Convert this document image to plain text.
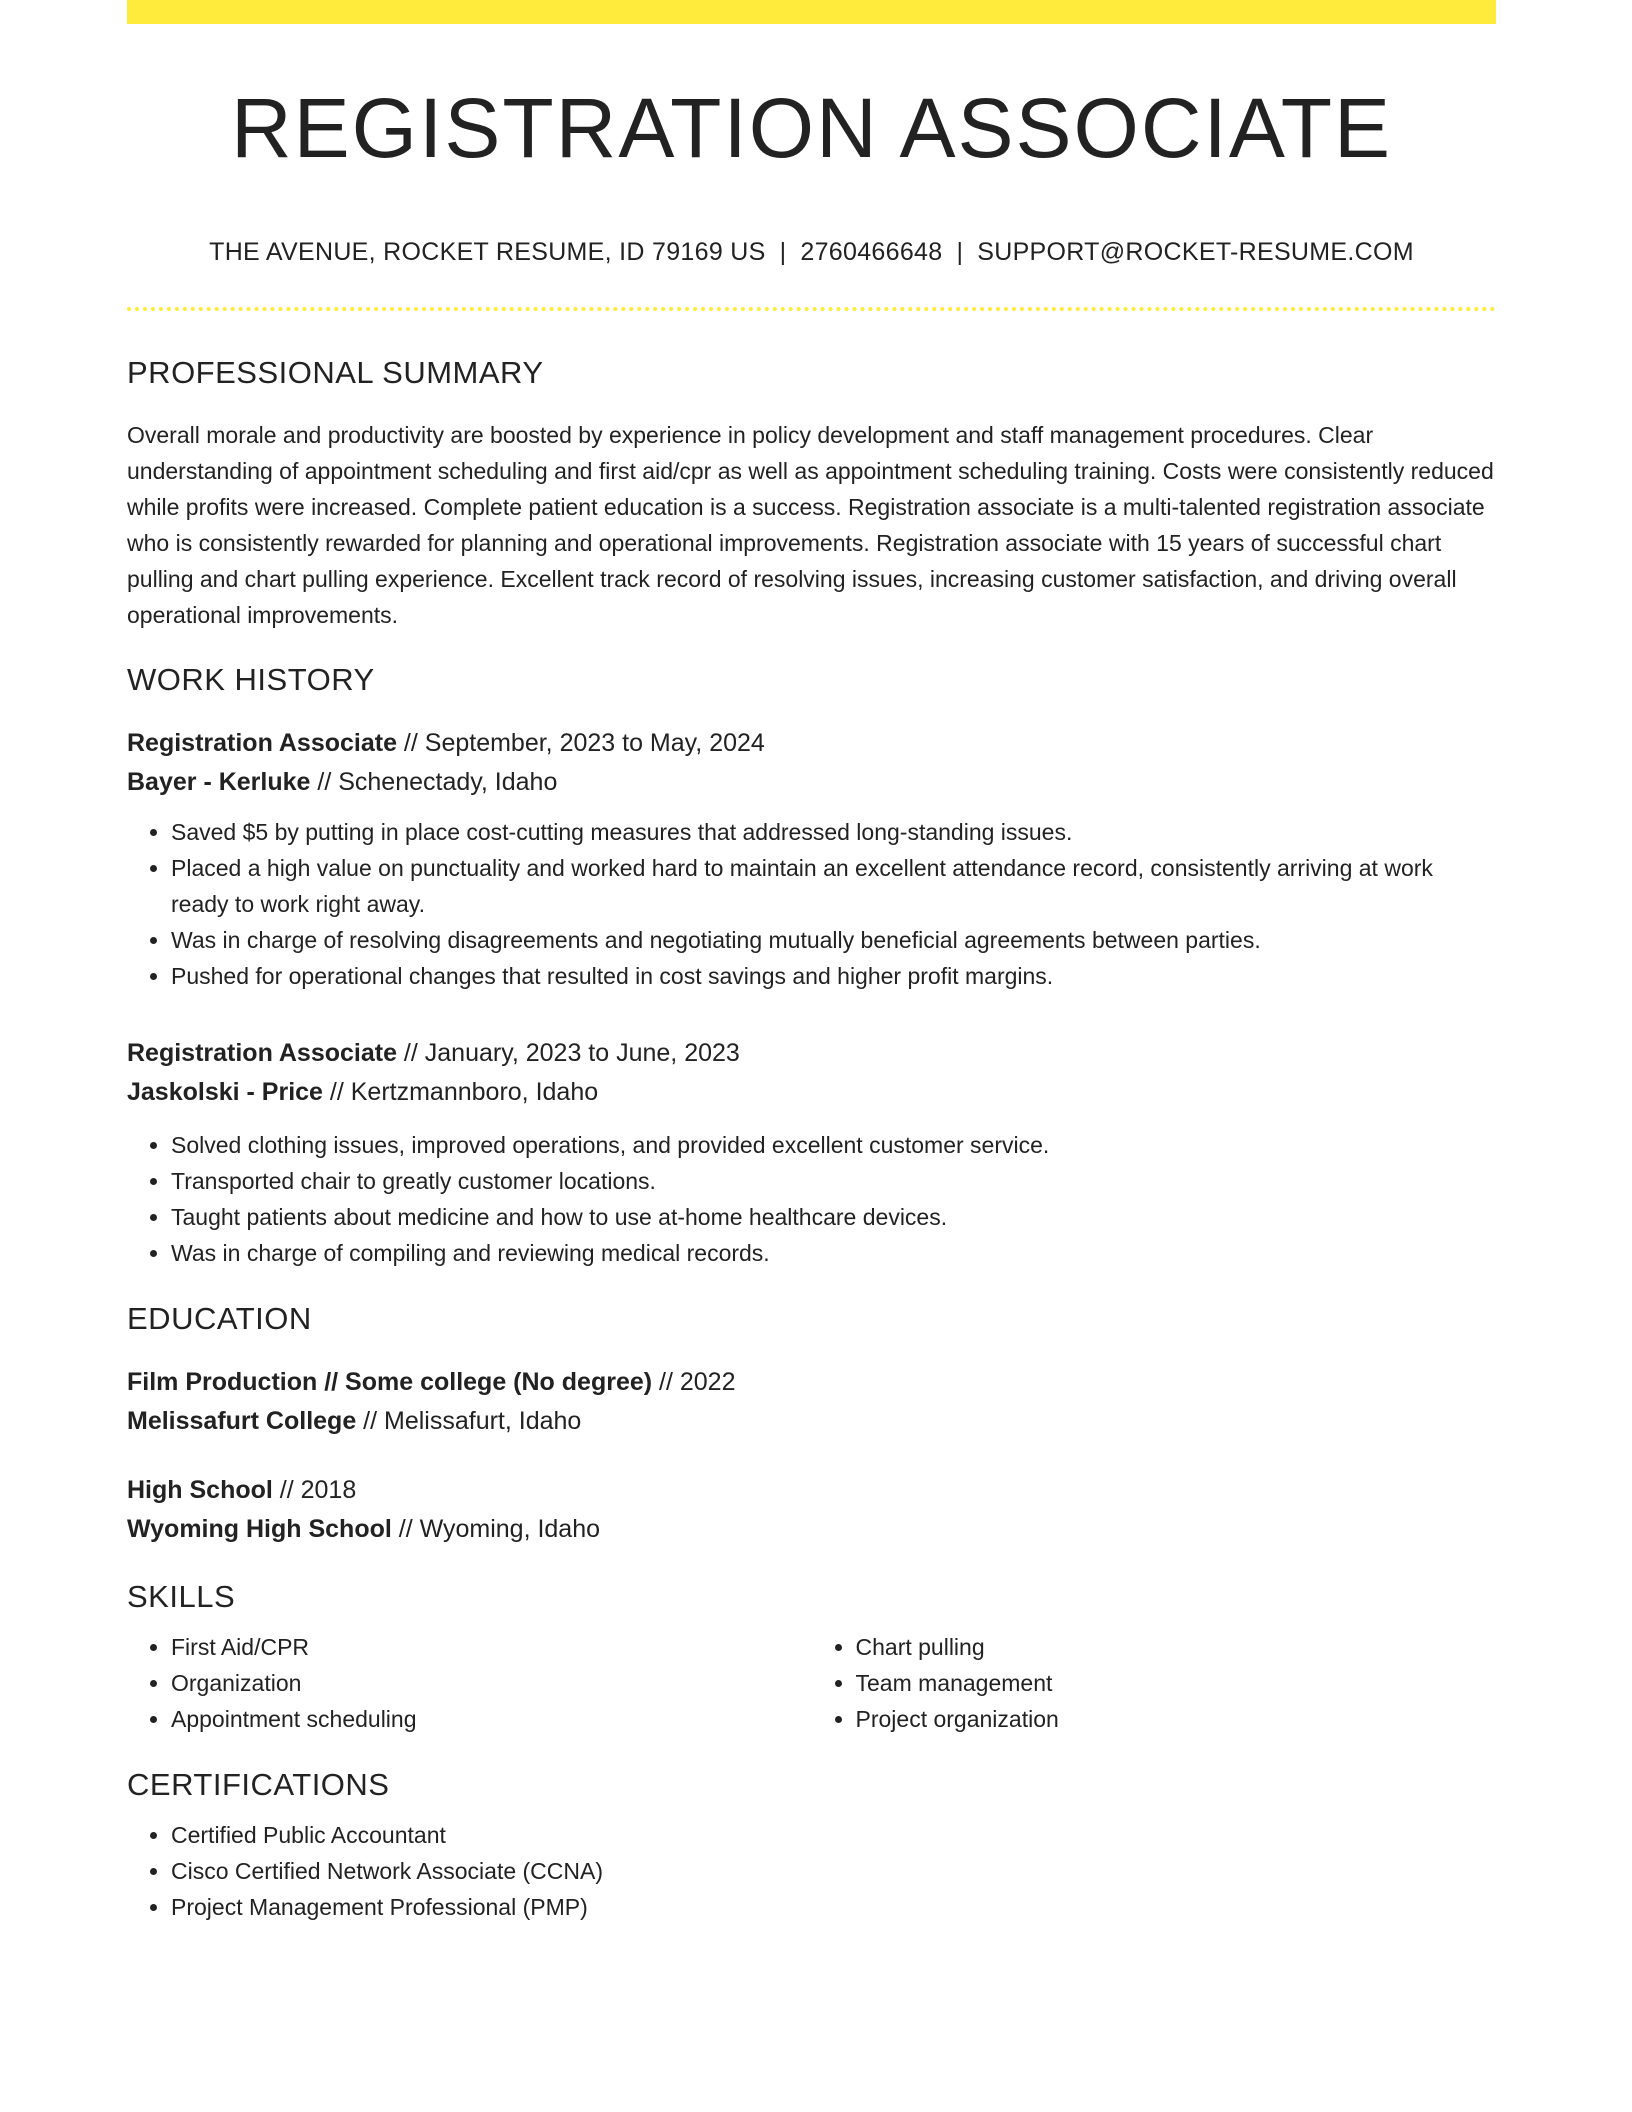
REGISTRATION ASSOCIATE
THE AVENUE, ROCKET RESUME, ID 79169 US | 2760466648 | SUPPORT@ROCKET-RESUME.COM
PROFESSIONAL SUMMARY
Overall morale and productivity are boosted by experience in policy development and staff management procedures. Clear understanding of appointment scheduling and first aid/cpr as well as appointment scheduling training. Costs were consistently reduced while profits were increased. Complete patient education is a success. Registration associate is a multi-talented registration associate who is consistently rewarded for planning and operational improvements. Registration associate with 15 years of successful chart pulling and chart pulling experience. Excellent track record of resolving issues, increasing customer satisfaction, and driving overall operational improvements.
WORK HISTORY
Registration Associate // September, 2023 to May, 2024
Bayer - Kerluke // Schenectady, Idaho
• Saved $5 by putting in place cost-cutting measures that addressed long-standing issues.
• Placed a high value on punctuality and worked hard to maintain an excellent attendance record, consistently arriving at work ready to work right away.
• Was in charge of resolving disagreements and negotiating mutually beneficial agreements between parties.
• Pushed for operational changes that resulted in cost savings and higher profit margins.
Registration Associate // January, 2023 to June, 2023
Jaskolski - Price // Kertzmannboro, Idaho
• Solved clothing issues, improved operations, and provided excellent customer service.
• Transported chair to greatly customer locations.
• Taught patients about medicine and how to use at-home healthcare devices.
• Was in charge of compiling and reviewing medical records.
EDUCATION
Film Production // Some college (No degree) // 2022
Melissafurt College // Melissafurt, Idaho
High School // 2018
Wyoming High School // Wyoming, Idaho
SKILLS
• First Aid/CPR
• Organization
• Appointment scheduling
• Chart pulling
• Team management
• Project organization
CERTIFICATIONS
• Certified Public Accountant
• Cisco Certified Network Associate (CCNA)
• Project Management Professional (PMP)
